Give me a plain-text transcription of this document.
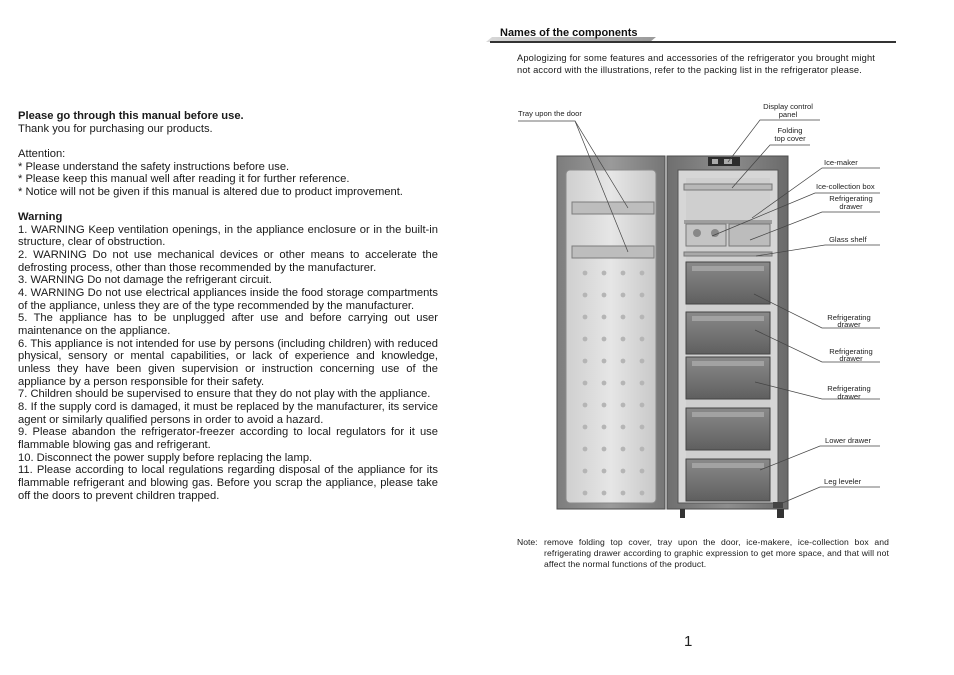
Please go through this manual before use.

Thank you for purchasing our products.

Attention:

* Please understand the safety instructions before use.

* Please keep this manual well after reading it for further reference.

* Notice will not be given if this manual is altered due to product improvement.

Warning

1. WARNING Keep ventilation openings, in the appliance enclosure or in the built-in structure, clear of obstruction.

2. WARNING Do not use mechanical devices or other means to accelerate the defrosting process, other than those recommended by the manufacturer.

3. WARNING Do not damage the refrigerant circuit.

4. WARNING Do not use electrical appliances inside the food storage compartments of the appliance, unless they are of the type recommended by the manufacturer.

5. The appliance has to be unplugged after use and before carrying out user maintenance on the appliance.

6. This appliance is not intended for use by persons (including children) with reduced physical, sensory or mental capabilities, or lack of experience and knowledge, unless they have been given supervision or instruction concerning use of the appliance by a person responsible for their safety.

7. Children should be supervised to ensure that they do not play with the appliance.

8. If the supply cord is damaged, it must be replaced by the manufacturer, its service agent or similarly qualified persons in order to avoid a hazard.

9. Please abandon the refrigerator-freezer according to local regulators for it use flammable blowing gas and refrigerant.

10. Disconnect the power supply before replacing the lamp.

11. Please according to local regulations regarding disposal of the appliance for its flammable refrigerant and blowing gas. Before you scrap the appliance, please take off the doors to prevent children trapped.

Names of the components
Apologizing for some features and accessories of the refrigerator you brought might not accord with the illustrations, refer to the packing list in the refrigerator please.
Tray upon the door
Display control
panel
Folding
top cover
Ice-maker
Ice-collection box
Refrigerating
drawer
Glass shelf
Refrigerating
drawer
Refrigerating
drawer
Refrigerating
drawer
Lower drawer
Leg leveler
Note: remove folding top cover, tray upon the door, ice-makere, ice-collection box and refrigerating drawer according to graphic expression to get more space, and that will not affect the normal functions of the product.
1
